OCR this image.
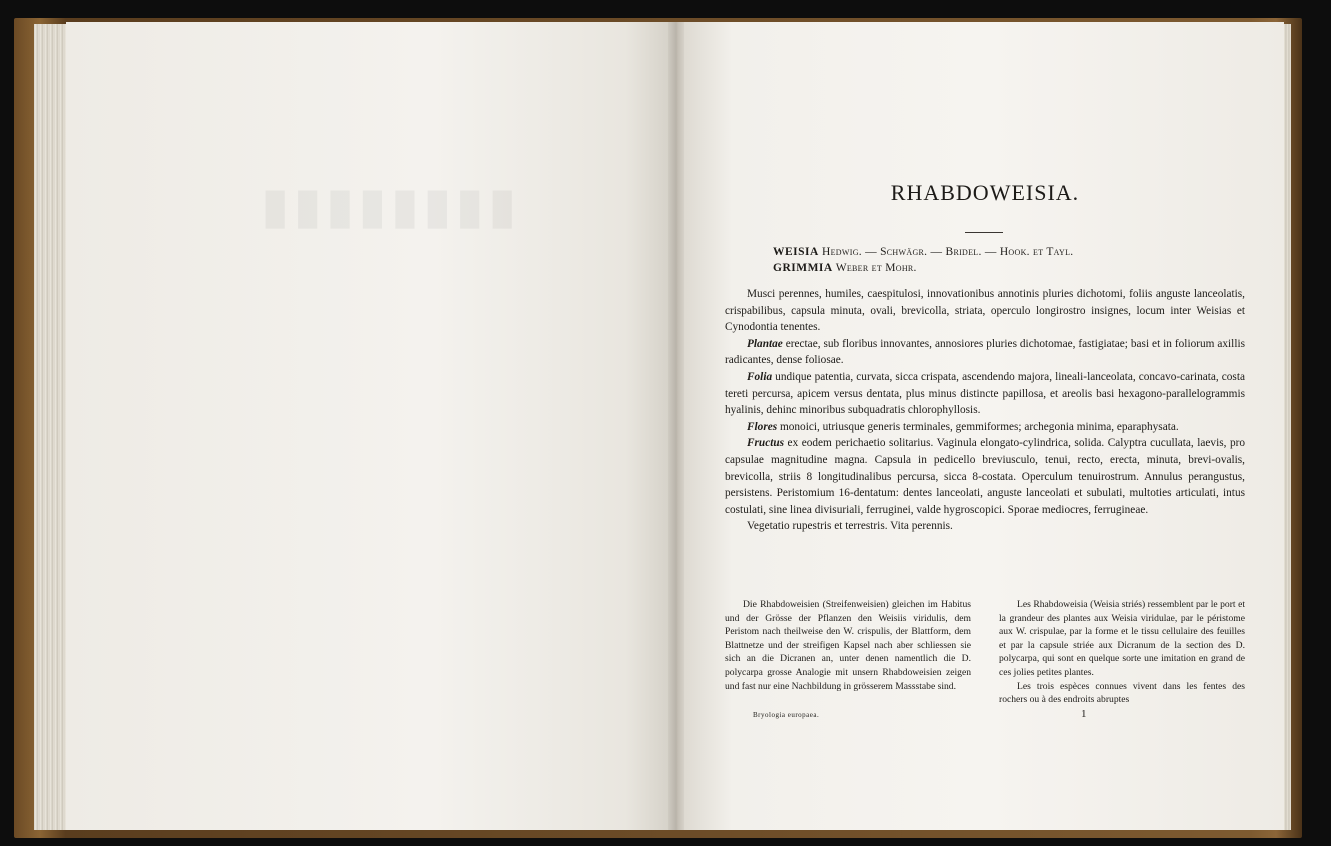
▮▮▮▮▮▮▮▮	RHABDOWEISIA.
WEISIA Hedwig. — Schwägr. — Bridel. — Hook. et Tayl.
GRIMMIA Weber et Mohr.

Musci perennes, humiles, caespitulosi, innovationibus annotinis pluries dichotomi, foliis anguste lanceolatis, crispabilibus, capsula minuta, ovali, brevicolla, striata, operculo longirostro insignes, locum inter Weisias et Cynodontia tenentes.

Plantae erectae, sub floribus innovantes, annosiores pluries dichotomae, fastigiatae; basi et in foliorum axillis radicantes, dense foliosae.

Folia undique patentia, curvata, sicca crispata, ascendendo majora, lineali-lanceolata, concavo-carinata, costa tereti percursa, apicem versus dentata, plus minus distincte papillosa, et areolis basi hexagono-parallelogrammis hyalinis, dehinc minoribus subquadratis chlorophyllosis.

Flores monoici, utriusque generis terminales, gemmiformes; archegonia minima, eparaphysata.

Fructus ex eodem perichaetio solitarius. Vaginula elongato-cylindrica, solida. Calyptra cucullata, laevis, pro capsulae magnitudine magna. Capsula in pedicello breviusculo, tenui, recto, erecta, minuta, brevi-ovalis, brevicolla, striis 8 longitudinalibus percursa, sicca 8-costata. Operculum tenuirostrum. Annulus perangustus, persistens. Peristomium 16-dentatum: dentes lanceolati, anguste lanceolati et subulati, multoties articulati, intus costulati, sine linea divisuriali, ferruginei, valde hygroscopici. Sporae mediocres, ferrugineae.

Vegetatio rupestris et terrestris. Vita perennis.

Die Rhabdoweisien (Streifenweisien) gleichen im Habitus und der Grösse der Pflanzen den Weisiis viridulis, dem Peristom nach theilweise den W. crispulis, der Blattform, dem Blattnetze und der streifigen Kapsel nach aber schliessen sie sich an die Dicranen an, unter denen namentlich die D. polycarpa grosse Analogie mit unsern Rhabdoweisien zeigen und fast nur eine Nachbildung in grösserem Massstabe sind.

Les Rhabdoweisia (Weisia striés) ressemblent par le port et la grandeur des plantes aux Weisia viridulae, par le péristome aux W. crispulae, par la forme et le tissu cellulaire des feuilles et par la capsule striée aux Dicranum de la section des D. polycarpa, qui sont en quelque sorte une imitation en grand de ces jolies petites plantes.

Les trois espèces connues vivent dans les fentes des rochers ou à des endroits abruptes

Bryologia europaea.	1
